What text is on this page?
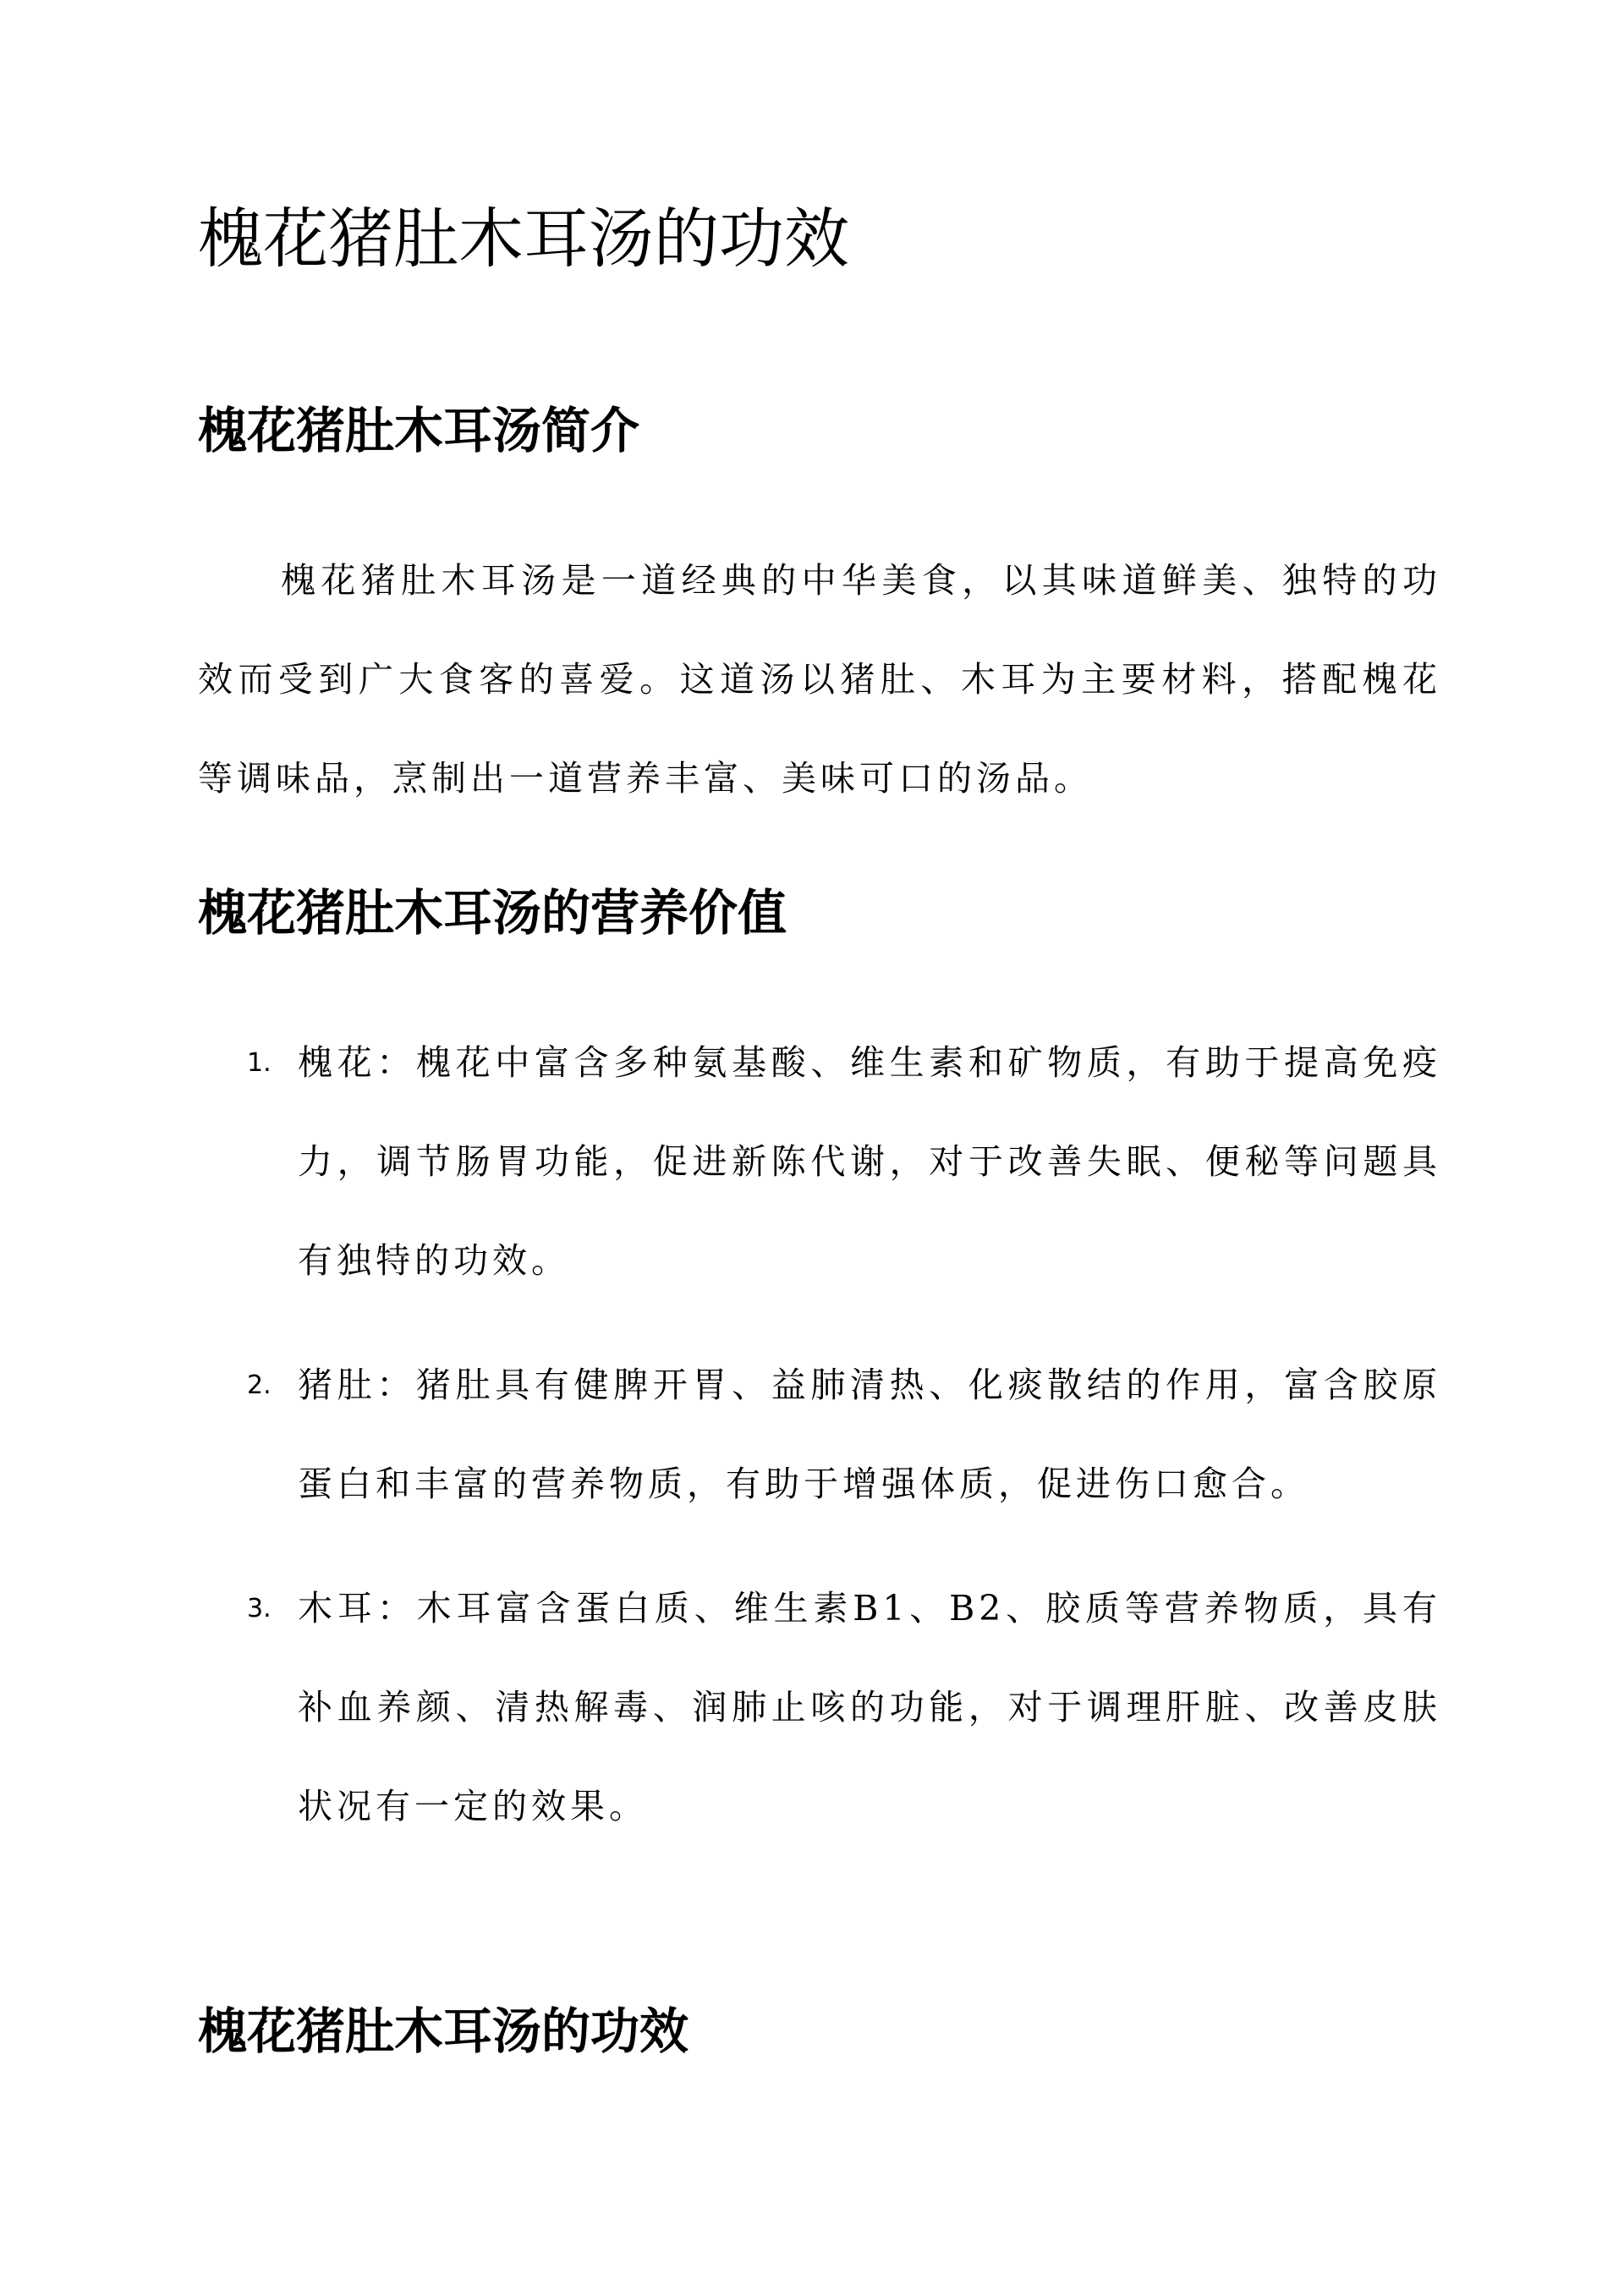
槐花猪肚木耳汤的功效
槐花猪肚木耳汤简介

槐花猪肚木耳汤是一道经典的中华美食，以其味道鲜美、独特的功效而受到广大食客的喜爱。这道汤以猪肚、木耳为主要材料，搭配槐花等调味品，烹制出一道营养丰富、美味可口的汤品。

槐花猪肚木耳汤的营养价值
1. 槐花：槐花中富含多种氨基酸、维生素和矿物质，有助于提高免疫力，调节肠胃功能，促进新陈代谢，对于改善失眠、便秘等问题具有独特的功效。
2. 猪肚：猪肚具有健脾开胃、益肺清热、化痰散结的作用，富含胶原蛋白和丰富的营养物质，有助于增强体质，促进伤口愈合。
3. 木耳：木耳富含蛋白质、维生素B1、B2、胶质等营养物质，具有补血养颜、清热解毒、润肺止咳的功能，对于调理肝脏、改善皮肤状况有一定的效果。
槐花猪肚木耳汤的功效
